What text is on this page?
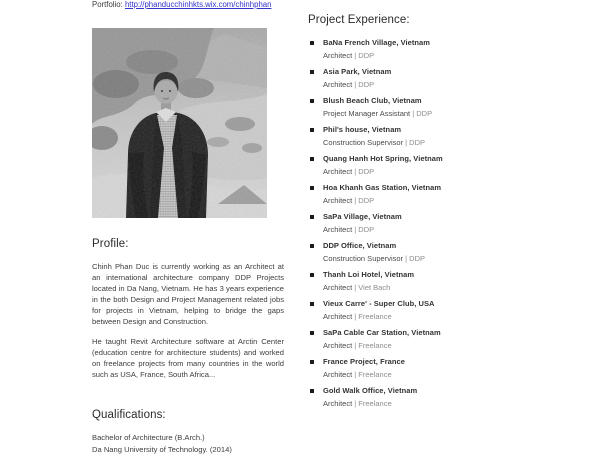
Portfolio: http://phanducchinhkts.wix.com/chinhphan
Profile:
Chinh Phan Duc is currently working as an Architect at an international architecture company DDP Projects located in Da Nang, Vietnam. He has 3 years experience in the both Design and Project Management related jobs for projects in Vietnam, helping to bridge the gaps between Design and Construction.
He taught Revit Architecture software at Arctin Center (education centre for architecture students) and worked on freelance projects from many countries in the world such as USA, France, South Africa...
Qualifications:
Bachelor of Architecture (B.Arch.)
Da Nang University of Technology. (2014)
Project Experience:
BaNa French Village, Vietnam
Architect | DDP
Asia Park, Vietnam
Architect | DDP
Blush Beach Club, Vietnam
Project Manager Assistant | DDP
Phil's house, Vietnam
Construction Supervisor | DDP
Quang Hanh Hot Spring, Vietnam
Architect | DDP
Hoa Khanh Gas Station, Vietnam
Architect | DDP
SaPa Village, Vietnam
Architect | DDP
DDP Office, Vietnam
Construction Supervisor | DDP
Thanh Loi Hotel, Vietnam
Architect | Viet Bach
Vieux Carre' - Super Club, USA
Architect | Freelance
SaPa Cable Car Station, Vietnam
Architect | Freelance
France Project, France
Architect | Freelance
Gold Walk Office, Vietnam
Architect | Freelance
